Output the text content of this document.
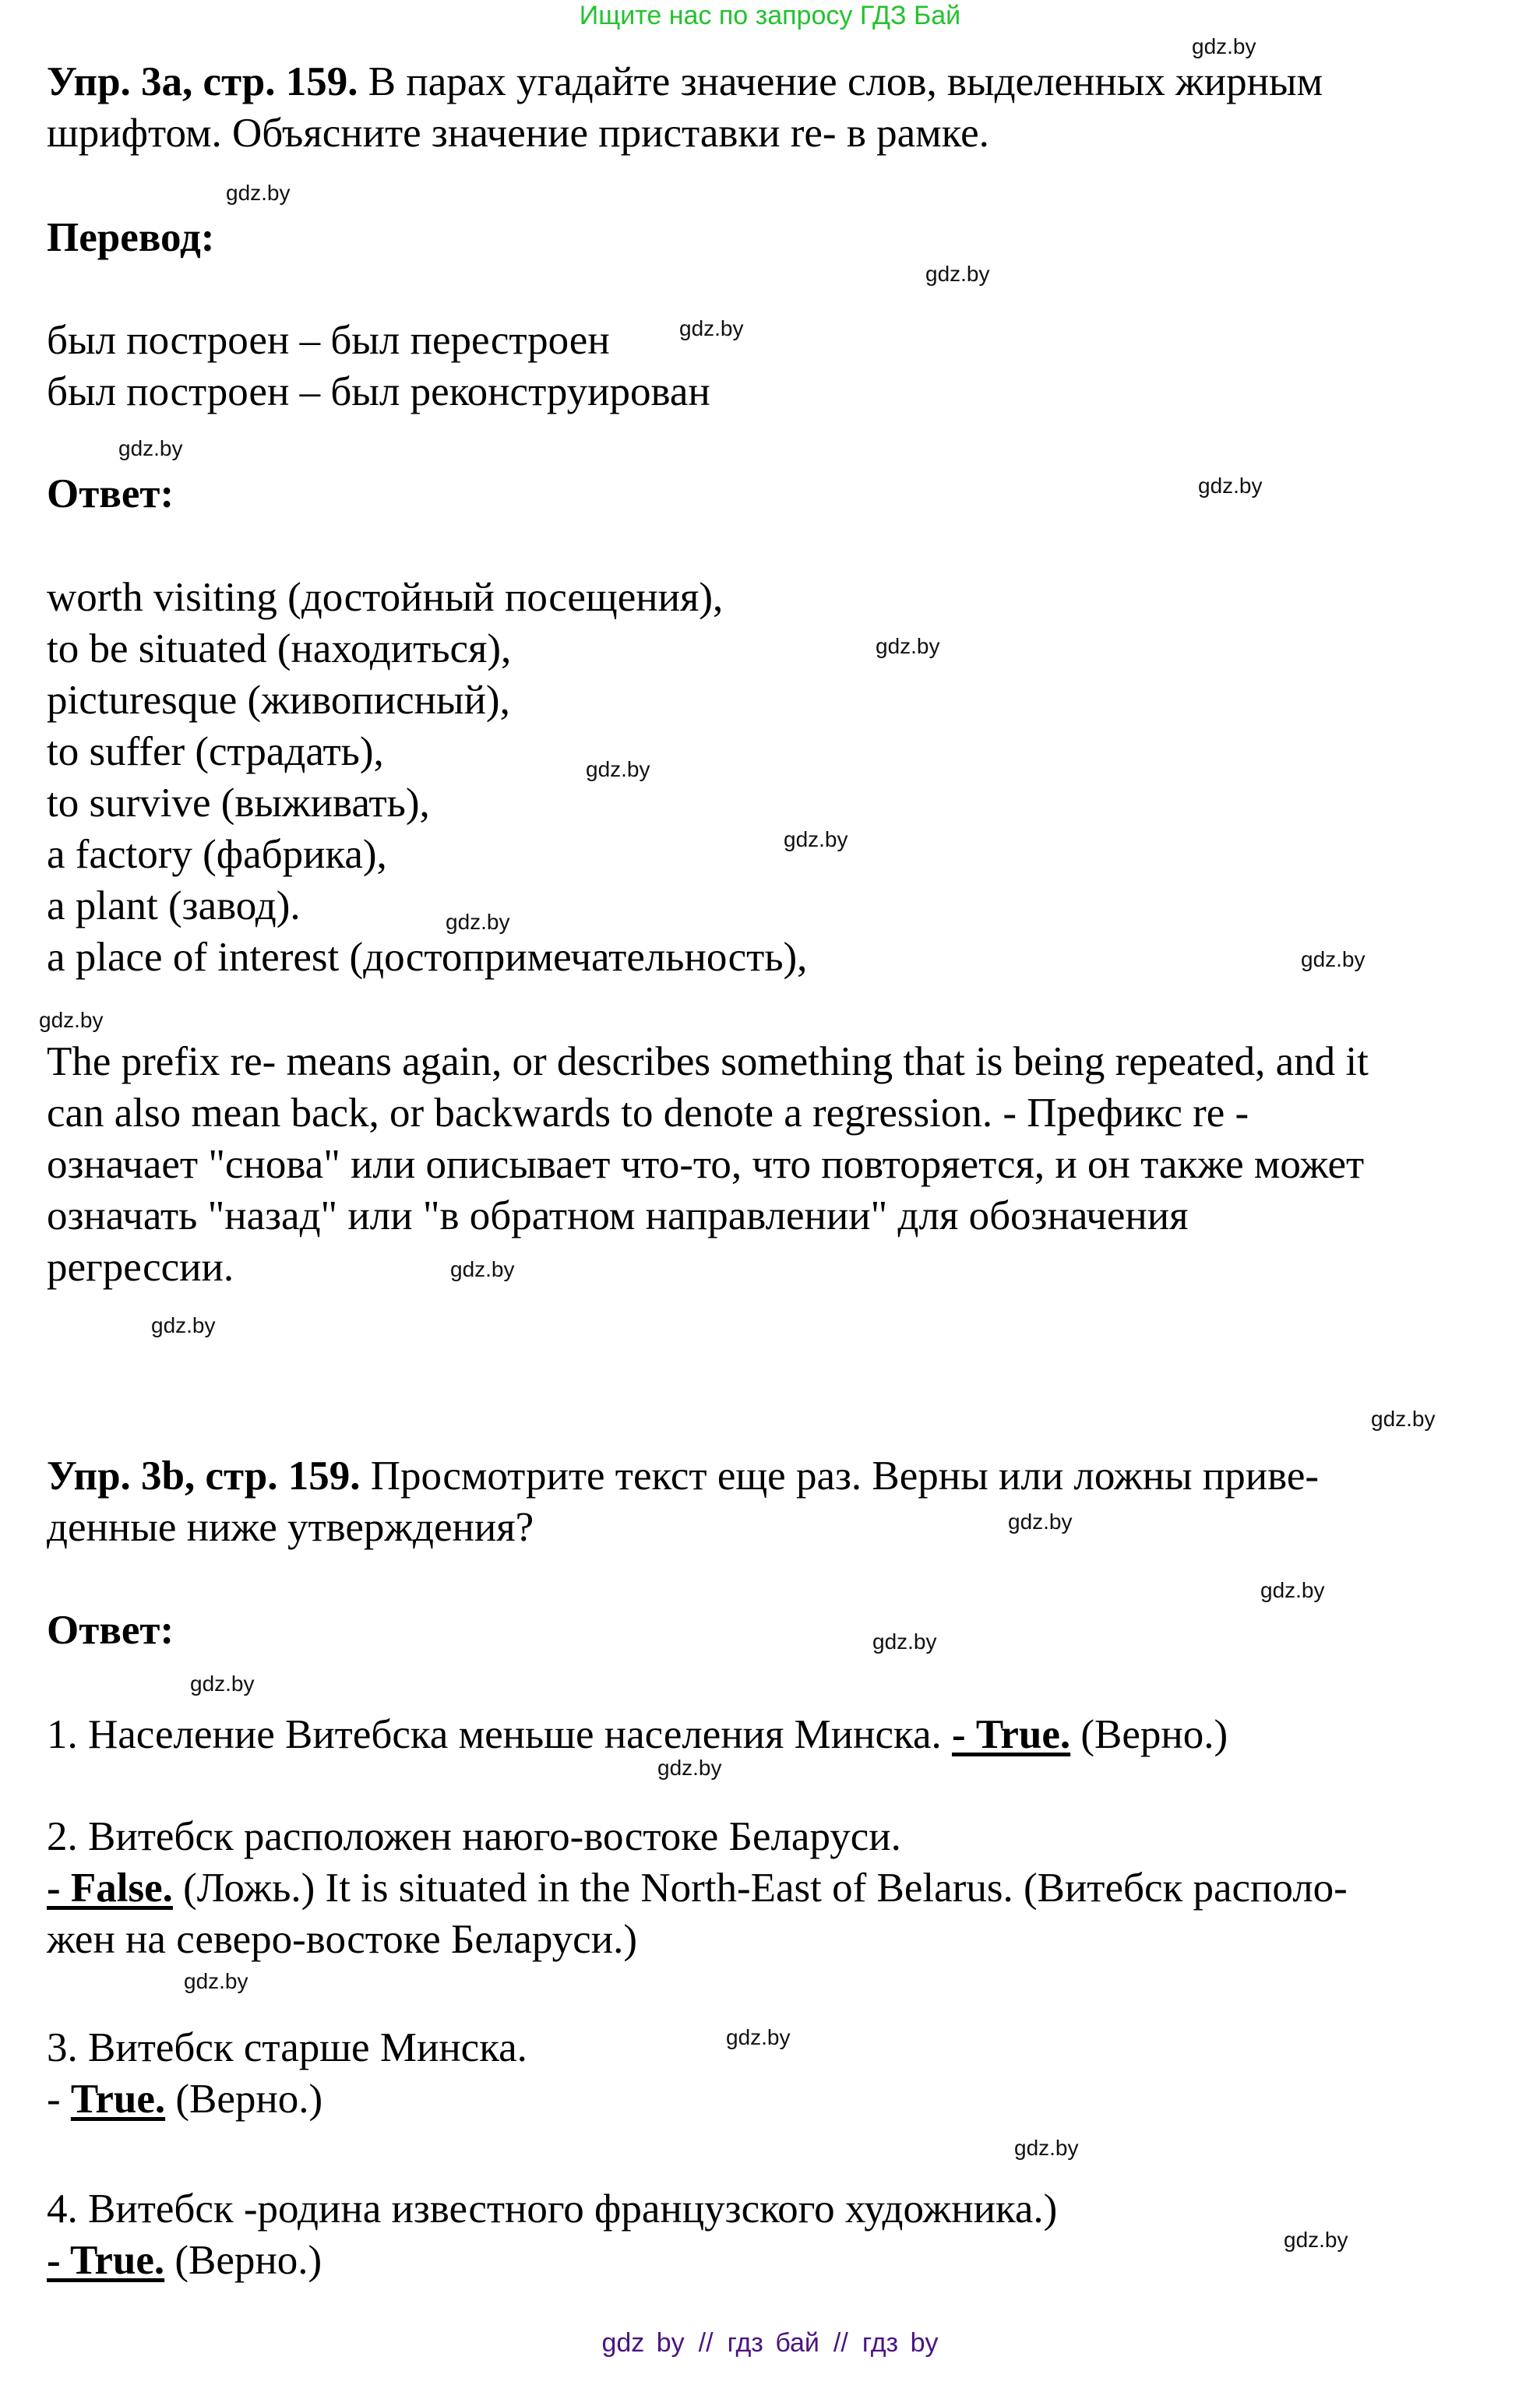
Ищите нас по запросу ГДЗ Бай
Упр. 3а, стр. 159. В парах угадайте значение слов, выделенных жирным
шрифтом. Объясните значение приставки re- в рамке.
Перевод:
был построен – был перестроен
был построен – был реконструирован
Ответ:
worth visiting (достойный посещения),
to be situated (находиться),
picturesque (живописный),
to suffer (страдать),
to survive (выживать),
a factory (фабрика),
a plant (завод).
a place of interest (достопримечательность),
The prefix re- means again, or describes something that is being repeated, and it
can also mean back, or backwards to denote a regression. - Префикс re -
означает "снова" или описывает что-то, что повторяется, и он также может
означать "назад" или "в обратном направлении" для обозначения
регрессии.
Упр. 3b, стр. 159. Просмотрите текст еще раз. Верны или ложны приве-
денные ниже утверждения?
Ответ:
1. Население Витебска меньше населения Минска. - True. (Верно.)
2. Витебск расположен наюго-востоке Беларуси.
- False. (Ложь.) It is situated in the North-East of Belarus. (Витебск располо-
жен на северо-востоке Беларуси.)
3. Витебск старше Минска.
- True. (Верно.)
4. Витебск -родина известного французского художника.)
- True. (Верно.)
gdz.by
gdz.by
gdz.by
gdz.by
gdz.by
gdz.by
gdz.by
gdz.by
gdz.by
gdz.by
gdz.by
gdz.by
gdz.by
gdz.by
gdz.by
gdz.by
gdz.by
gdz.by
gdz.by
gdz.by
gdz.by
gdz.by
gdz.by
gdz.by
gdz by // гдз бай // гдз by
